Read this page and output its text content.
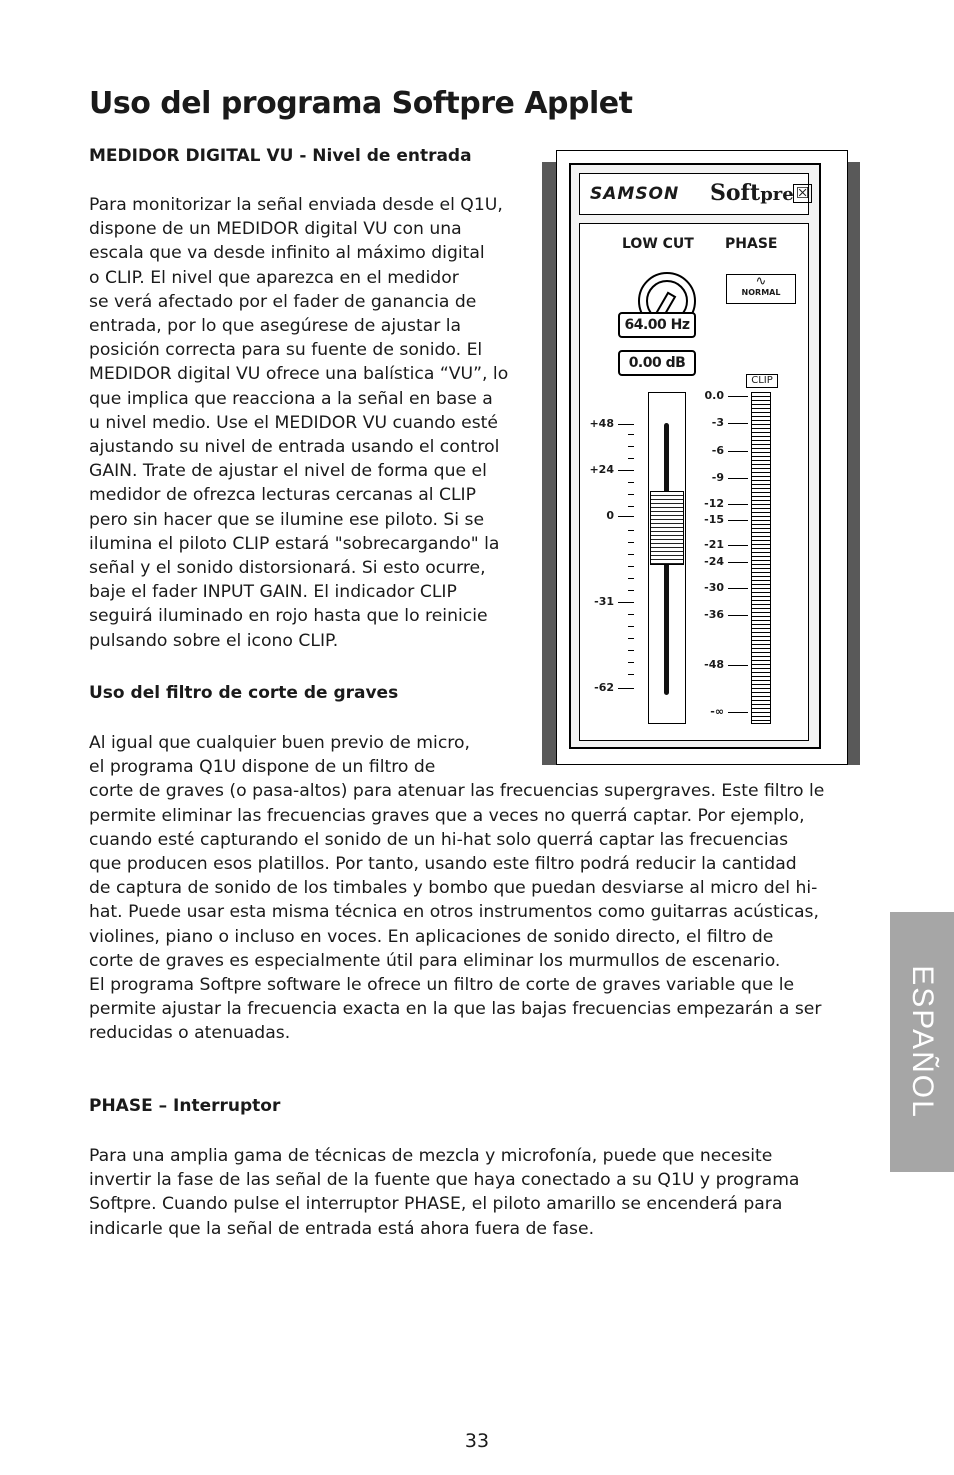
Uso del programa Softpre Applet

MEDIDOR DIGITAL VU - Nivel de entrada

Para monitorizar la señal enviada desde el Q1U,
dispone de un MEDIDOR digital VU con una
escala que va desde infinito al máximo digital
o CLIP. El nivel que aparezca en el medidor
se verá afectado por el fader de ganancia de
entrada, por lo que asegúrese de ajustar la
posición correcta para su fuente de sonido. El
MEDIDOR digital VU ofrece una balística “VU”, lo
que implica que reacciona a la señal en base a
u nivel medio. Use el MEDIDOR VU cuando esté
ajustando su nivel de entrada usando el control
GAIN. Trate de ajustar el nivel de forma que el
medidor de ofrezca lecturas cercanas al CLIP
pero sin hacer que se ilumine ese piloto. Si se
ilumina el piloto CLIP estará "sobrecargando" la
señal y el sonido distorsionará. Si esto ocurre,
baje el fader INPUT GAIN. El indicador CLIP
seguirá iluminado en rojo hasta que lo reinicie
pulsando sobre el icono CLIP.

Uso del filtro de corte de graves

Al igual que cualquier buen previo de micro,
el programa Q1U dispone de un filtro de
corte de graves (o pasa-altos) para atenuar las frecuencias supergraves. Este filtro le
permite eliminar las frecuencias graves que a veces no querrá captar. Por ejemplo,
cuando esté capturando el sonido de un hi-hat solo querrá captar las frecuencias
que producen esos platillos. Por tanto, usando este filtro podrá reducir la cantidad
de captura de sonido de los timbales y bombo que puedan desviarse al micro del hi-
hat. Puede usar esta misma técnica en otros instrumentos como guitarras acústicas,
violines, piano o incluso en voces. En aplicaciones de sonido directo, el filtro de
corte de graves es especialmente útil para eliminar los murmullos de escenario.
El programa Softpre software le ofrece un filtro de corte de graves variable que le
permite ajustar la frecuencia exacta en la que las bajas frecuencias empezarán a ser
reducidas o atenuadas.

PHASE – Interruptor

Para una amplia gama de técnicas de mezcla y microfonía, puede que necesite
invertir la fase de las señal de la fuente que haya conectado a su Q1U y programa
Softpre. Cuando pulse el interruptor PHASE, el piloto amarillo se encenderá para
indicarle que la señal de entrada está ahora fuera de fase.

SAMSON Softpre ☒
LOW CUT PHASE
∿
NORMAL
64.00 Hz
0.00 dB
CLIP
+48
+24
0
-31
-62
0.0
-3
-6
-9
-12
-15
-21
-24
-30
-36
-48
-∞
ESPAÑOL
33
